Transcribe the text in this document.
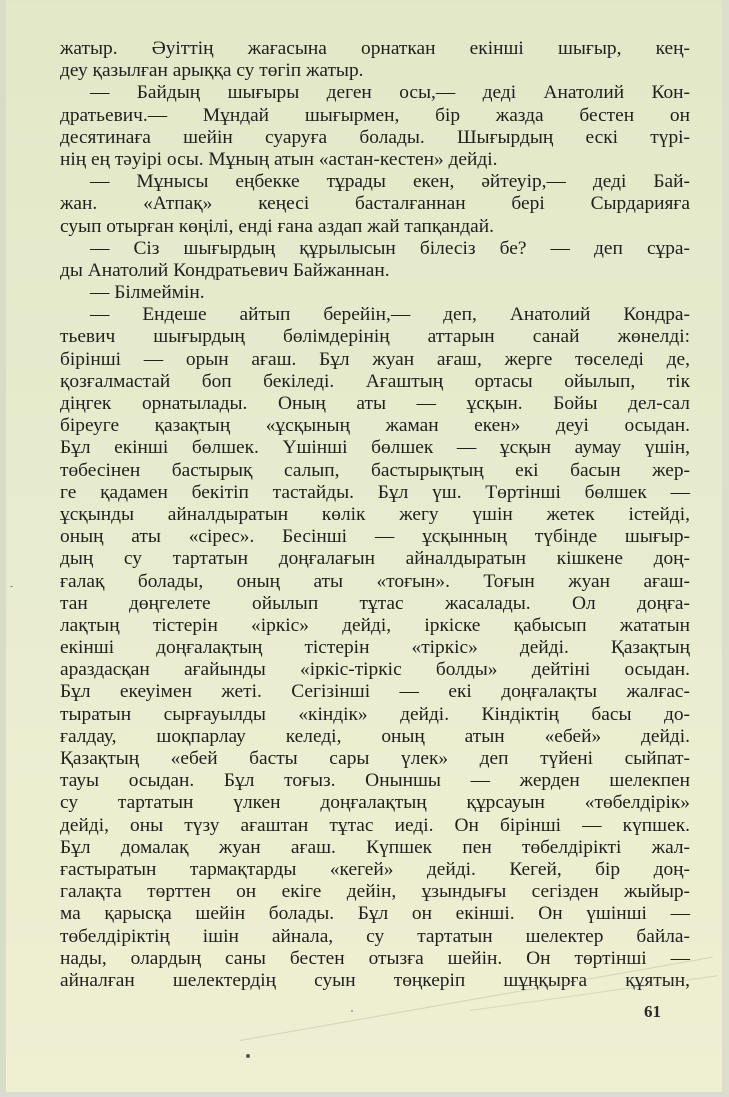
жатыр. Әуіттің жағасына орнаткан екінші шығыр, кең-
деу қазылған арыққа су төгіп жатыр.
— Байдың шығыры деген осы,— деді Анатолий Кон-
дратьевич.— Мұндай шығырмен, бір жазда бестен он
десятинаға шейін суаруға болады. Шығырдың ескі түрі-
нің ең тәуірі осы. Мұның атын «астан-кестен» дейді.
— Мұнысы еңбекке тұрады екен, әйтеуір,— деді Бай-
жан. «Атпақ» кеңесі басталғаннан бері Сырдарияға
суып отырған көңілі, енді ғана аздап жай тапқандай.
— Сіз шығырдың құрылысын білесіз бе? — деп сұра-
ды Анатолий Кондратьевич Байжаннан.
— Білмеймін.
— Ендеше айтып берейін,— деп, Анатолий Кондра-
тьевич шығырдың бөлімдерінің аттарын санай жөнелді:
бірінші — орын ағаш. Бұл жуан ағаш, жерге төселеді де,
қозғалмастай боп бекіледі. Ағаштың ортасы ойылып, тік
діңгек орнатылады. Оның аты — ұсқын. Бойы дел-сал
біреуге қазақтың «ұсқының жаман екен» деуі осыдан.
Бұл екінші бөлшек. Үшінші бөлшек — ұсқын аумау үшін,
төбесінен бастырық салып, бастырықтың екі басын жер-
ге қадамен бекітіп тастайды. Бұл үш. Төртінші бөлшек —
ұсқынды айналдыратын көлік жегу үшін жетек істейді,
оның аты «сірес». Бесінші — ұсқынның түбінде шығыр-
дың су тартатын доңғалағын айналдыратын кішкене доң-
ғалақ болады, оның аты «тоғын». Тоғын жуан ағаш-
тан дөңгелете ойылып тұтас жасалады. Ол доңға-
лақтың тістерін «іркіс» дейді, іркіске қабысып жататын
екінші доңғалақтың тістерін «тіркіс» дейді. Қазақтың
араздасқан ағайынды «іркіс-тіркіс болды» дейтіні осыдан.
Бұл екеуімен жеті. Сегізінші — екі доңғалақты жалғас-
тыратын сырғауылды «кіндік» дейді. Кіндіктің басы до-
ғалдау, шоқпарлау келеді, оның атын «ебей» дейді.
Қазақтың «ебей басты сары үлек» деп түйені сыйпат-
тауы осыдан. Бұл тоғыз. Оныншы — жерден шелекпен
су тартатын үлкен доңғалақтың құрсауын «төбелдірік»
дейді, оны түзу ағаштан тұтас иеді. Он бірінші — күпшек.
Бұл домалақ жуан ағаш. Күпшек пен төбелдірікті жал-
ғастыратын тармақтарды «кегей» дейді. Кегей, бір доң-
галақта төрттен он екіге дейін, ұзындығы сегізден жыйыр-
ма қарысқа шейін болады. Бұл он екінші. Он үшінші —
төбелдіріктің ішін айнала, су тартатын шелектер байла-
нады, олардың саны бестен отызға шейін. Он төртінші —
айналған шелектердің суын төңкеріп шұңқырға құятын,
61
